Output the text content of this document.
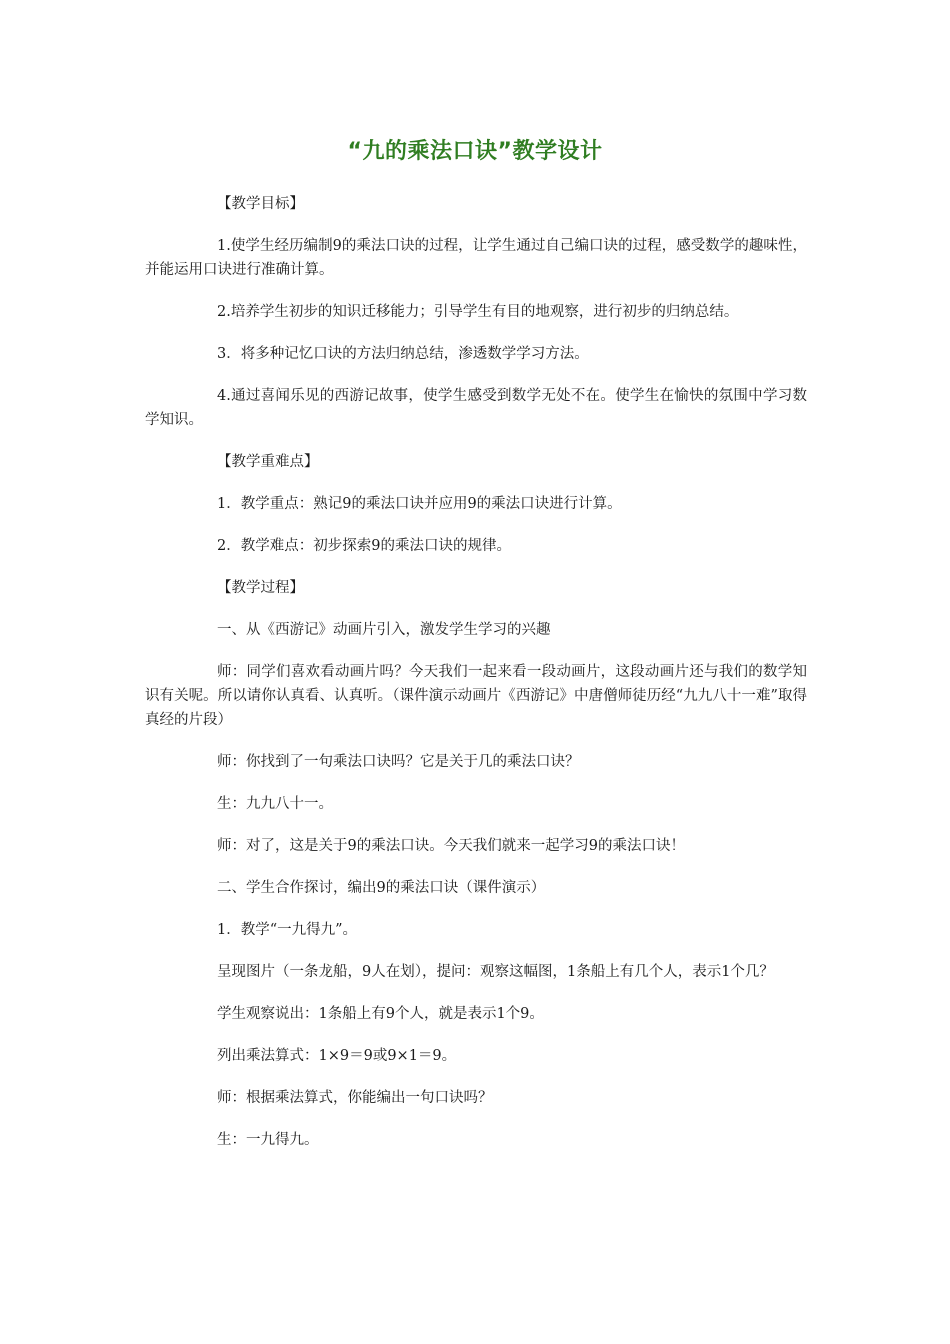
“九的乘法口诀”教学设计

【教学目标】

1.使学生经历编制9的乘法口诀的过程，让学生通过自己编口诀的过程，感受数学的趣味性，并能运用口诀进行准确计算。

2.培养学生初步的知识迁移能力；引导学生有目的地观察，进行初步的归纳总结。

3．将多种记忆口诀的方法归纳总结，渗透数学学习方法。

4.通过喜闻乐见的西游记故事，使学生感受到数学无处不在。使学生在愉快的氛围中学习数学知识。

【教学重难点】

1．教学重点：熟记9的乘法口诀并应用9的乘法口诀进行计算。

2．教学难点：初步探索9的乘法口诀的规律。

【教学过程】

一、从《西游记》动画片引入，激发学生学习的兴趣

师：同学们喜欢看动画片吗？今天我们一起来看一段动画片，这段动画片还与我们的数学知识有关呢。所以请你认真看、认真听。（课件演示动画片《西游记》中唐僧师徒历经“九九八十一难”取得真经的片段）

师：你找到了一句乘法口诀吗？它是关于几的乘法口诀？

生：九九八十一。

师：对了，这是关于9的乘法口诀。今天我们就来一起学习9的乘法口诀！

二、学生合作探讨，编出9的乘法口诀（课件演示）

1．教学“一九得九”。

呈现图片（一条龙船，9人在划），提问：观察这幅图，1条船上有几个人，表示1个几？

学生观察说出：1条船上有9个人，就是表示1个9。

列出乘法算式：1×9＝9或9×1＝9。

师：根据乘法算式，你能编出一句口诀吗？

生：一九得九。
